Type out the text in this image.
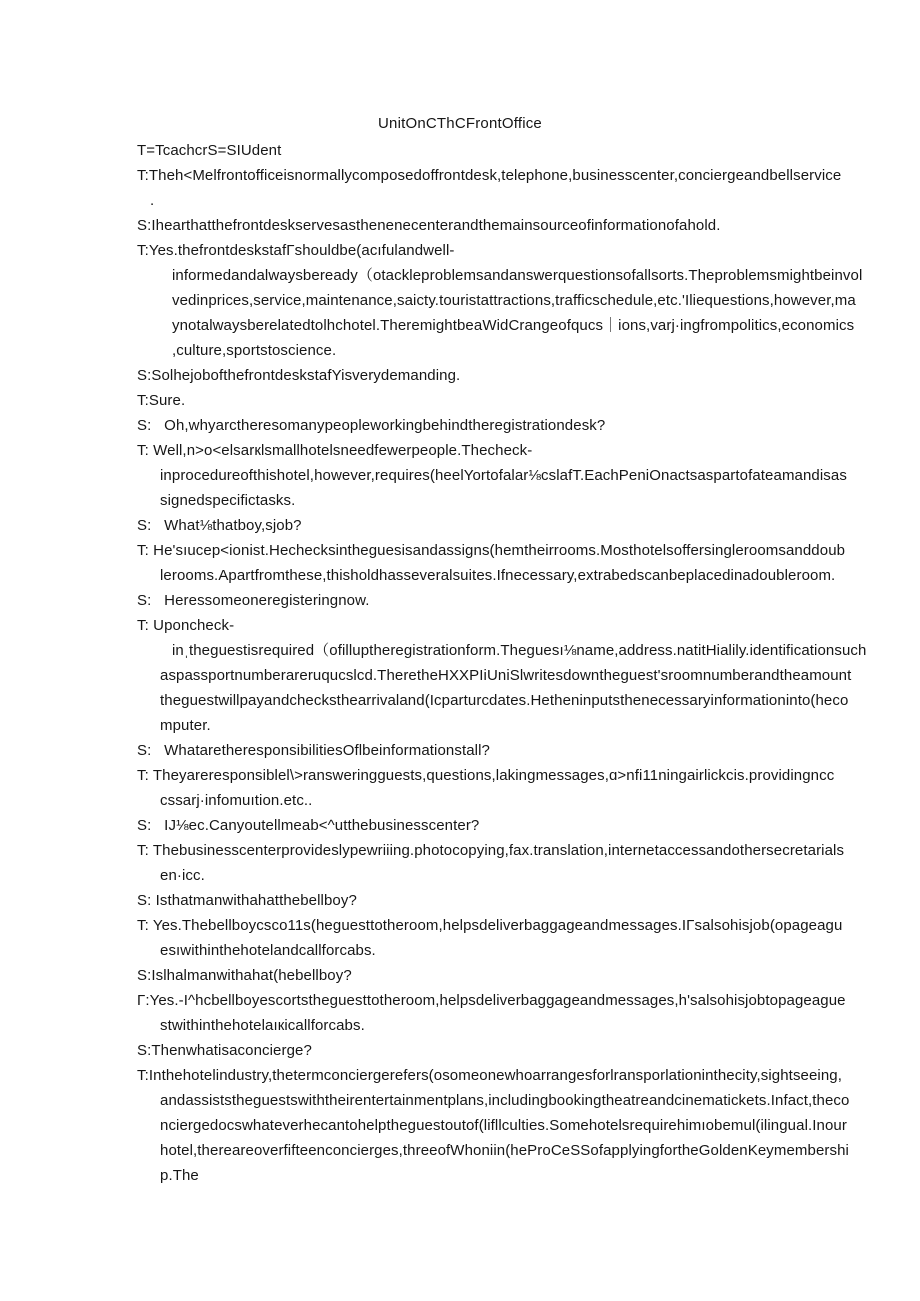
UnitOnCThCFrontOffice
T=TcachcrS=SIUdent
T:Theh<Melfrontofficeisnormallycomposedoffrontdesk,telephone,businesscenter,conciergeandbellservice
.
S:Ihearthatthefrontdeskservesasthenenecenterandthemainsourceofinformationofahold.
T:Yes.thefrontdeskstafΓshouldbe(acıfulandwell-
informedandalwaysbeready（otackleproblemsandanswerquestionsofallsorts.Theproblemsmightbeinvol
vedinprices,service,maintenance,saicty.touristattractions,trafficschedule,etc.'Iliequestions,however,ma
ynotalwaysberelatedtolhchotel.TheremightbeaWidCrangeofqucs｜ions,varj·ingfrompolitics,economics
,culture,sportstoscience.
S:SolhejobofthefrontdeskstafYisverydemanding.
T:Sure.
S:   Oh,whyarctheresomanypeopleworkingbehindtheregistrationdesk?
T: Well,n>o<elsarкlsmallhotelsneedfewerpeople.Thecheck-
inprocedureofthishotel,however,requires(heelYortofalar⅛cslafT.EachPeniOnactsaspartofateamandisas
signedspecifictasks.
S:   What⅛thatboy,sjob?
T: He'sıucep<ionist.Hechecksintheguesisandassigns(hemtheirrooms.Mosthotelsoffersingleroomsanddoub
lerooms.Apartfromthese,thisholdhasseveralsuites.Ifnecessary,extrabedscanbeplacedinadoubleroom.
S:   Heressomeoneregisteringnow.
T: Uponcheck-
inˌtheguestisrequired（ofilluptheregistrationform.Theguesı⅛name,address.natitHialily.identificationsuch
aspassportnumberareruqucslcd.TheretheHXXPIiUniSlwritesdowntheguest'sroomnumberandtheamount
theguestwillpayandchecksthearrivaland(Icparturcdates.Hetheninputsthenecessaryinformationinto(heco
mputer.
S:   WhataretheresponsibilitiesOflbeinformationstall?
T: Theyareresponsiblel\>ransweringguests,questions,lakingmessages,ɑ>nfi11ningairlickcis.providingncc
cssarj·infomuıtion.etc..
S:   IJ⅛ec.Canyoutellmeab<^utthebusinesscenter?
T: Thebusinesscenterprovideslypewriiing.photocopying,fax.translation,internetaccessandothersecretarials
en·icc.
S: Isthatmanwithahatthebellboy?
T: Yes.Thebellboycsco11s(heguesttotheroom,helpsdeliverbaggageandmessages.IΓsalsohisjob(opageagu
esıwithinthehotelandcallforcabs.
S:Islhalmanwithahat(hebellboy?
Γ:Yes.-I^hcbellboyescortstheguesttotheroom,helpsdeliverbaggageandmessages,h'salsohisjobtopageague
stwithinthehotelaıкicallforcabs.
S:Thenwhatisaconcierge?
T:Inthehotelindustry,thetermconciergerefers(osomeonewhoarrangesforlransporlationinthecity,sightseeing,
andassiststheguestswiththeirentertainmentplans,includingbookingtheatreandcinematickets.Infact,theco
nciergedocswhateverhecantohelptheguestoutof(lifllculties.Somehotelsrequirehimıobemul(ilingual.Inour
hotel,thereareoverfifteenconcierges,threeofWhoniin(heProCeSSofapplyingfortheGoldenKeymembershi
p.The
